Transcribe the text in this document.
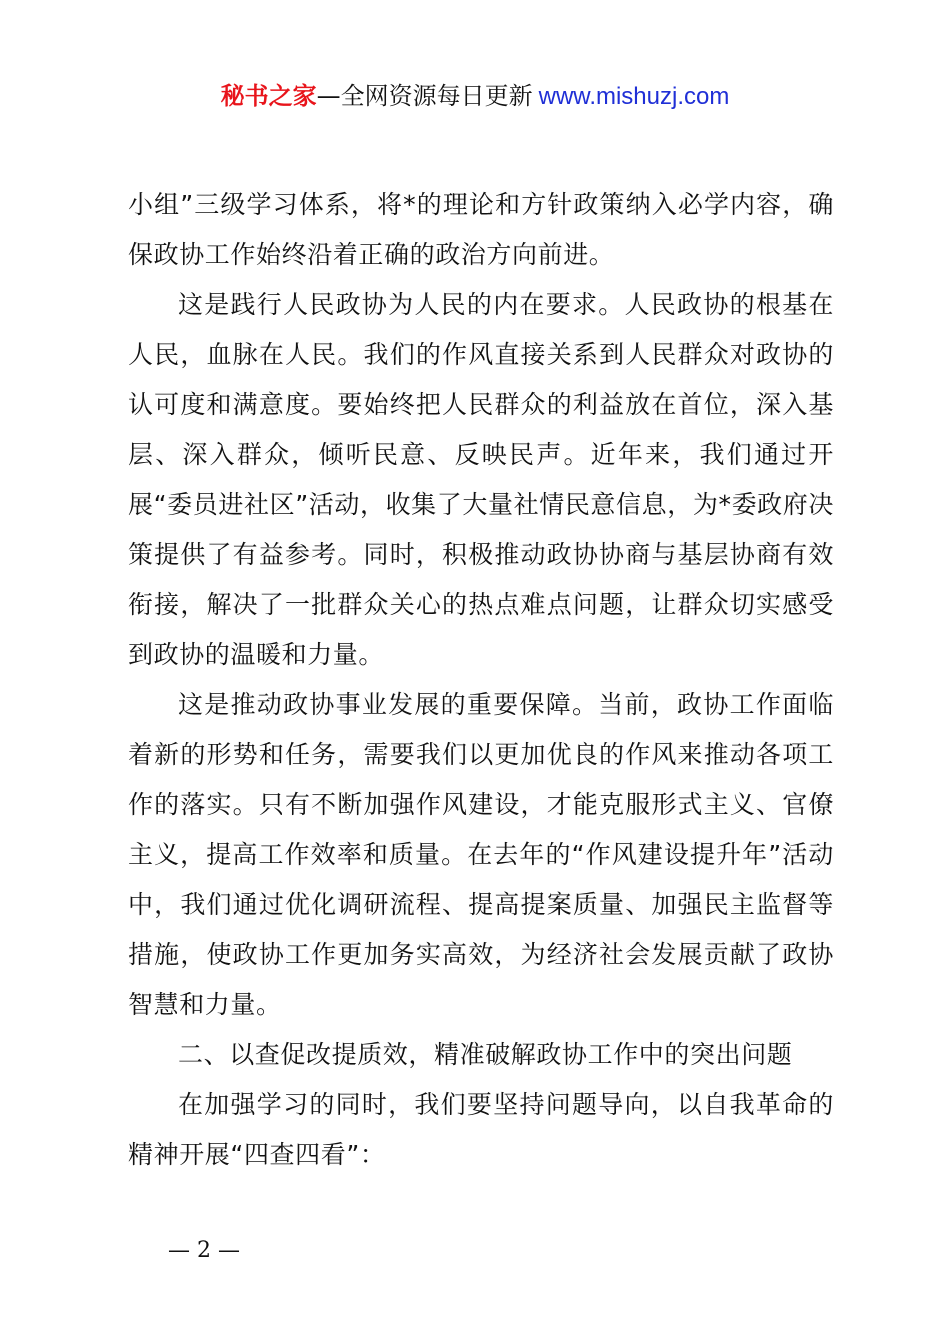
秘书之家—全网资源每日更新 www.mishuzj.com

小组”三级学习体系，将*的理论和方针政策纳入必学内容，确保政协工作始终沿着正确的政治方向前进。

这是践行人民政协为人民的内在要求。人民政协的根基在人民，血脉在人民。我们的作风直接关系到人民群众对政协的认可度和满意度。要始终把人民群众的利益放在首位，深入基层、深入群众，倾听民意、反映民声。近年来，我们通过开展“委员进社区”活动，收集了大量社情民意信息，为*委政府决策提供了有益参考。同时，积极推动政协协商与基层协商有效衔接，解决了一批群众关心的热点难点问题，让群众切实感受到政协的温暖和力量。

这是推动政协事业发展的重要保障。当前，政协工作面临着新的形势和任务，需要我们以更加优良的作风来推动各项工作的落实。只有不断加强作风建设，才能克服形式主义、官僚主义，提高工作效率和质量。在去年的“作风建设提升年”活动中，我们通过优化调研流程、提高提案质量、加强民主监督等措施，使政协工作更加务实高效，为经济社会发展贡献了政协智慧和力量。

二、以查促改提质效，精准破解政协工作中的突出问题

在加强学习的同时，我们要坚持问题导向，以自我革命的精神开展“四查四看”：

— 2 —
